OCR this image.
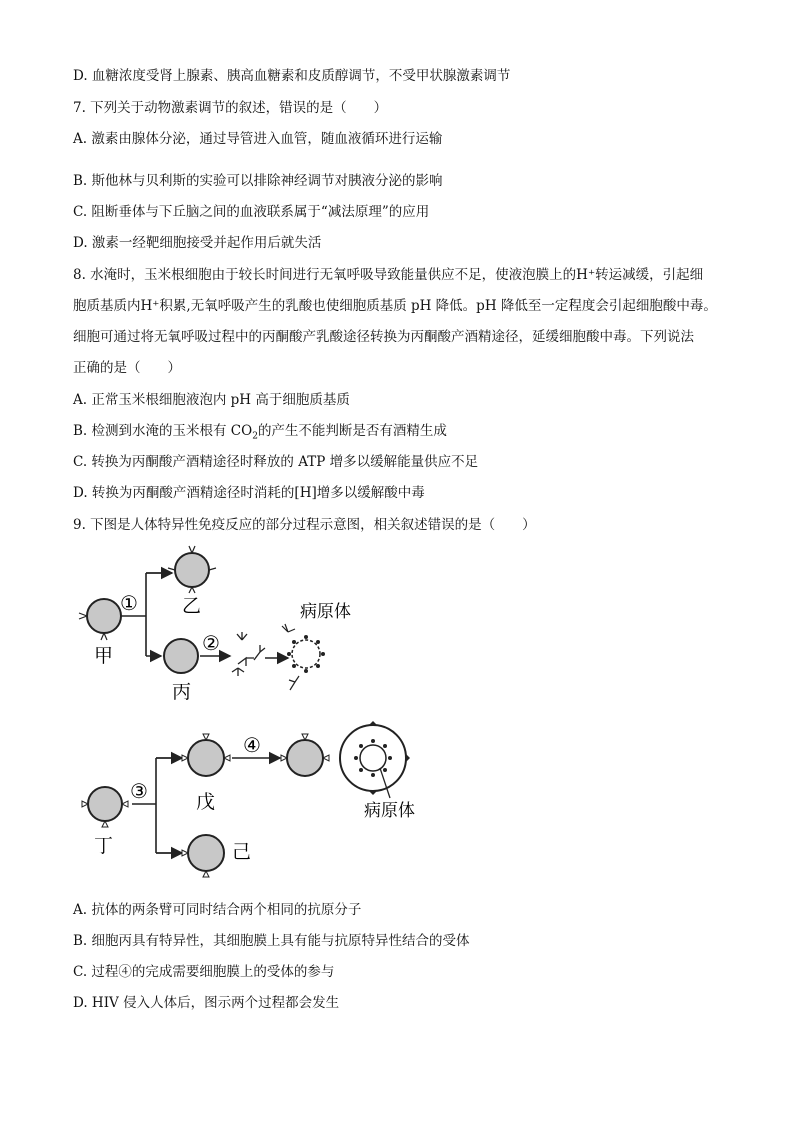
D. 血糖浓度受肾上腺素、胰高血糖素和皮质醇调节，不受甲状腺激素调节
7. 下列关于动物激素调节的叙述，错误的是（　　）
A. 激素由腺体分泌，通过导管进入血管，随血液循环进行运输
B. 斯他林与贝利斯的实验可以排除神经调节对胰液分泌的影响
C. 阻断垂体与下丘脑之间的血液联系属于“减法原理”的应用
D. 激素一经靶细胞接受并起作用后就失活
8. 水淹时，玉米根细胞由于较长时间进行无氧呼吸导致能量供应不足，使液泡膜上的H⁺转运减缓，引起细
胞质基质内H⁺积累,无氧呼吸产生的乳酸也使细胞质基质 pH 降低。pH 降低至一定程度会引起细胞酸中毒。
细胞可通过将无氧呼吸过程中的丙酮酸产乳酸途径转换为丙酮酸产酒精途径，延缓细胞酸中毒。下列说法
正确的是（　　）
A. 正常玉米根细胞液泡内 pH 高于细胞质基质
B. 检测到水淹的玉米根有 $CO_2$的产生不能判断是否有酒精生成
C. 转换为丙酮酸产酒精途径时释放的 ATP 增多以缓解能量供应不足
D. 转换为丙酮酸产酒精途径时消耗的[H]增多以缓解酸中毒
9. 下图是人体特异性免疫反应的部分过程示意图，相关叙述错误的是（　　）
甲
① 乙
丙
②
病原体
丁
③	戊
己
④
病原体
A. 抗体的两条臂可同时结合两个相同的抗原分子
B. 细胞丙具有特异性，其细胞膜上具有能与抗原特异性结合的受体
C. 过程④的完成需要细胞膜上的受体的参与
D. HIV 侵入人体后，图示两个过程都会发生
